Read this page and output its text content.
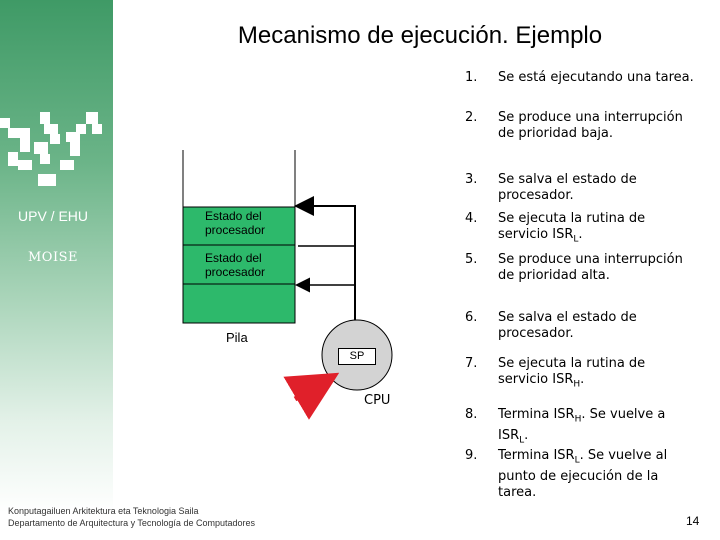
UPV / EHU
MOISE
Mecanismo de ejecución. Ejemplo
Estado del procesador
Estado del procesador
Pila
SP
CPU
1. Se está ejecutando una tarea.
2. Se produce una interrupción de prioridad baja.
3. Se salva el estado de procesador.
4. Se ejecuta la rutina de servicio $ISR_L$.
5. Se produce una interrupción de prioridad alta.
6. Se salva el estado de procesador.
7. Se ejecuta la rutina de servicio $ISR_H$.
8. Termina $ISR_H$. Se vuelve a $ISR_L$.
9. Termina $ISR_L$. Se vuelve al punto de ejecución de la tarea.
Konputagailuen Arkitektura eta Teknologia Saila
Departamento de Arquitectura y Tecnología de Computadores	14
